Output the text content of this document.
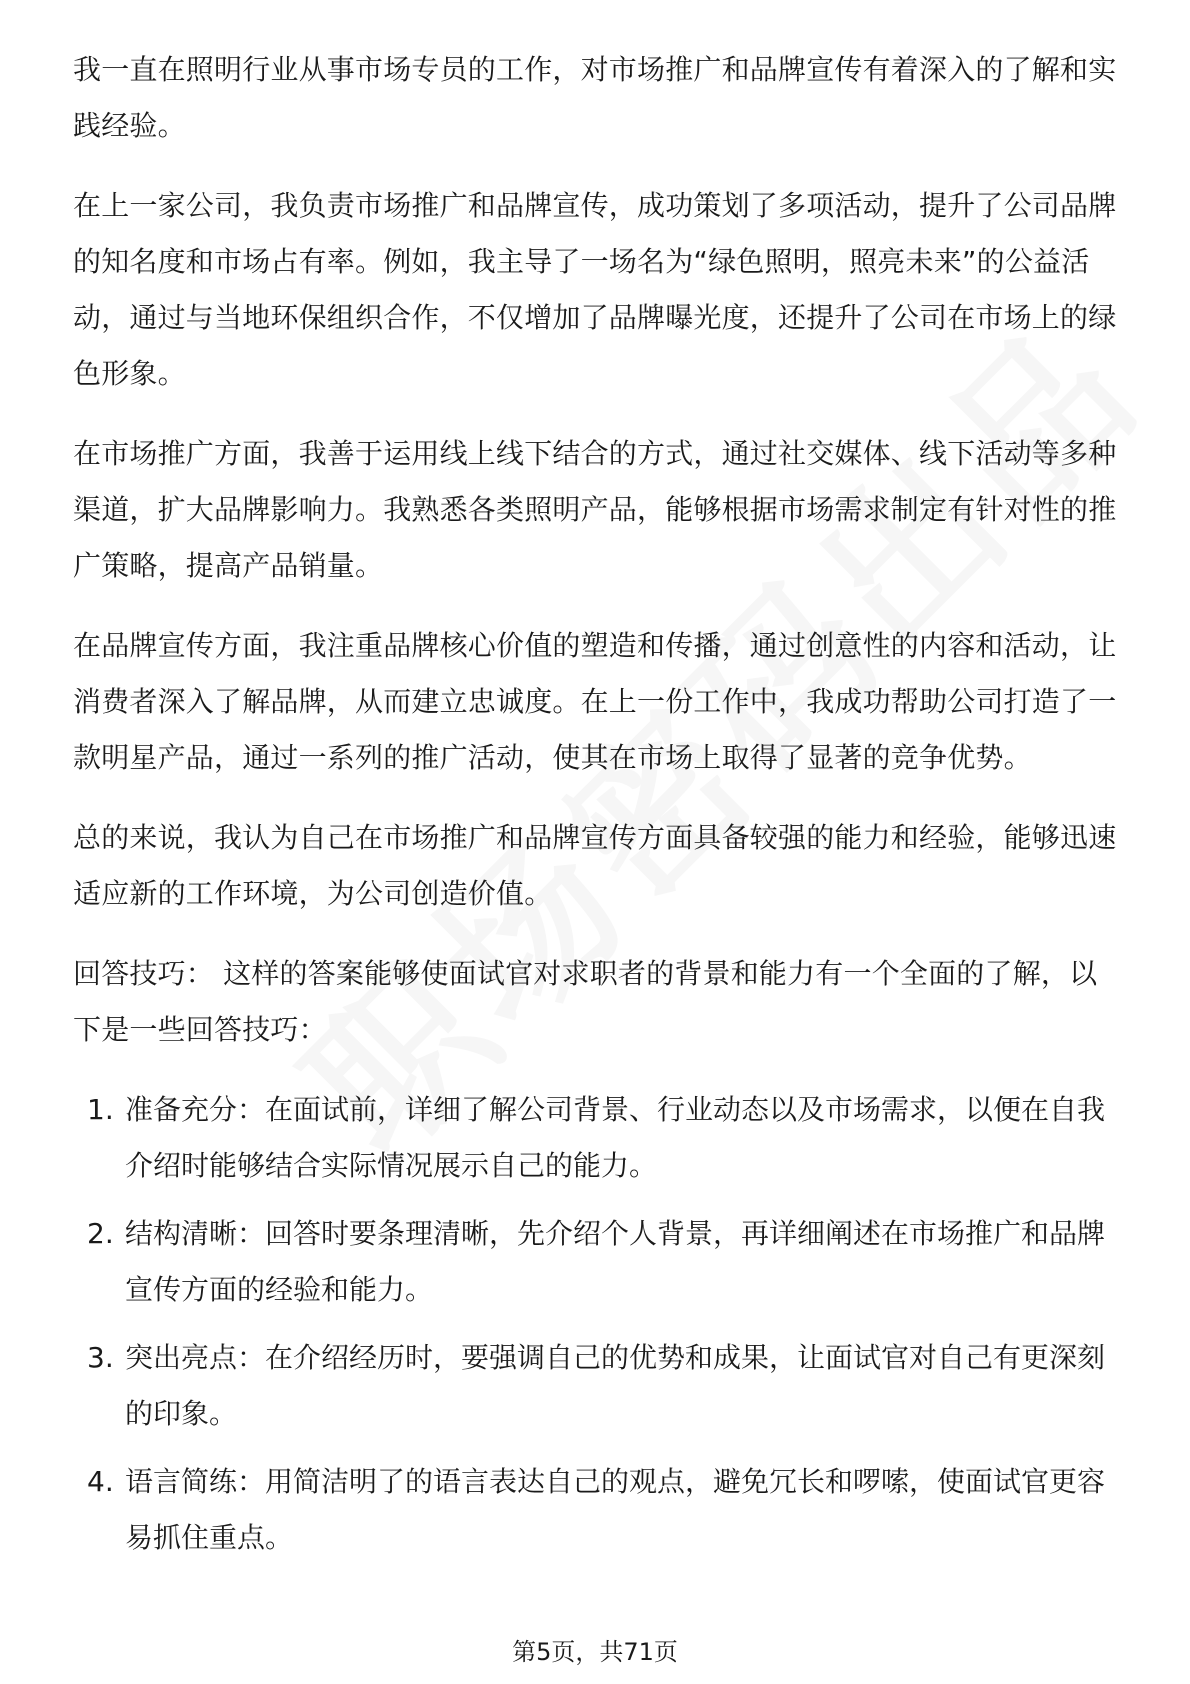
我一直在照明行业从事市场专员的工作，对市场推广和品牌宣传有着深入的了解和实践经验。

在上一家公司，我负责市场推广和品牌宣传，成功策划了多项活动，提升了公司品牌的知名度和市场占有率。例如，我主导了一场名为“绿色照明，照亮未来”的公益活动，通过与当地环保组织合作，不仅增加了品牌曝光度，还提升了公司在市场上的绿色形象。

在市场推广方面，我善于运用线上线下结合的方式，通过社交媒体、线下活动等多种渠道，扩大品牌影响力。我熟悉各类照明产品，能够根据市场需求制定有针对性的推广策略，提高产品销量。

在品牌宣传方面，我注重品牌核心价值的塑造和传播，通过创意性的内容和活动，让消费者深入了解品牌，从而建立忠诚度。在上一份工作中，我成功帮助公司打造了一款明星产品，通过一系列的推广活动，使其在市场上取得了显著的竞争优势。

总的来说，我认为自己在市场推广和品牌宣传方面具备较强的能力和经验，能够迅速适应新的工作环境，为公司创造价值。

回答技巧： 这样的答案能够使面试官对求职者的背景和能力有一个全面的了解，以下是一些回答技巧：

1. 准备充分：在面试前，详细了解公司背景、行业动态以及市场需求，以便在自我介绍时能够结合实际情况展示自己的能力。
2. 结构清晰：回答时要条理清晰，先介绍个人背景，再详细阐述在市场推广和品牌宣传方面的经验和能力。
3. 突出亮点：在介绍经历时，要强调自己的优势和成果，让面试官对自己有更深刻的印象。
4. 语言简练：用简洁明了的语言表达自己的观点，避免冗长和啰嗦，使面试官更容易抓住重点。
第5页，共71页
